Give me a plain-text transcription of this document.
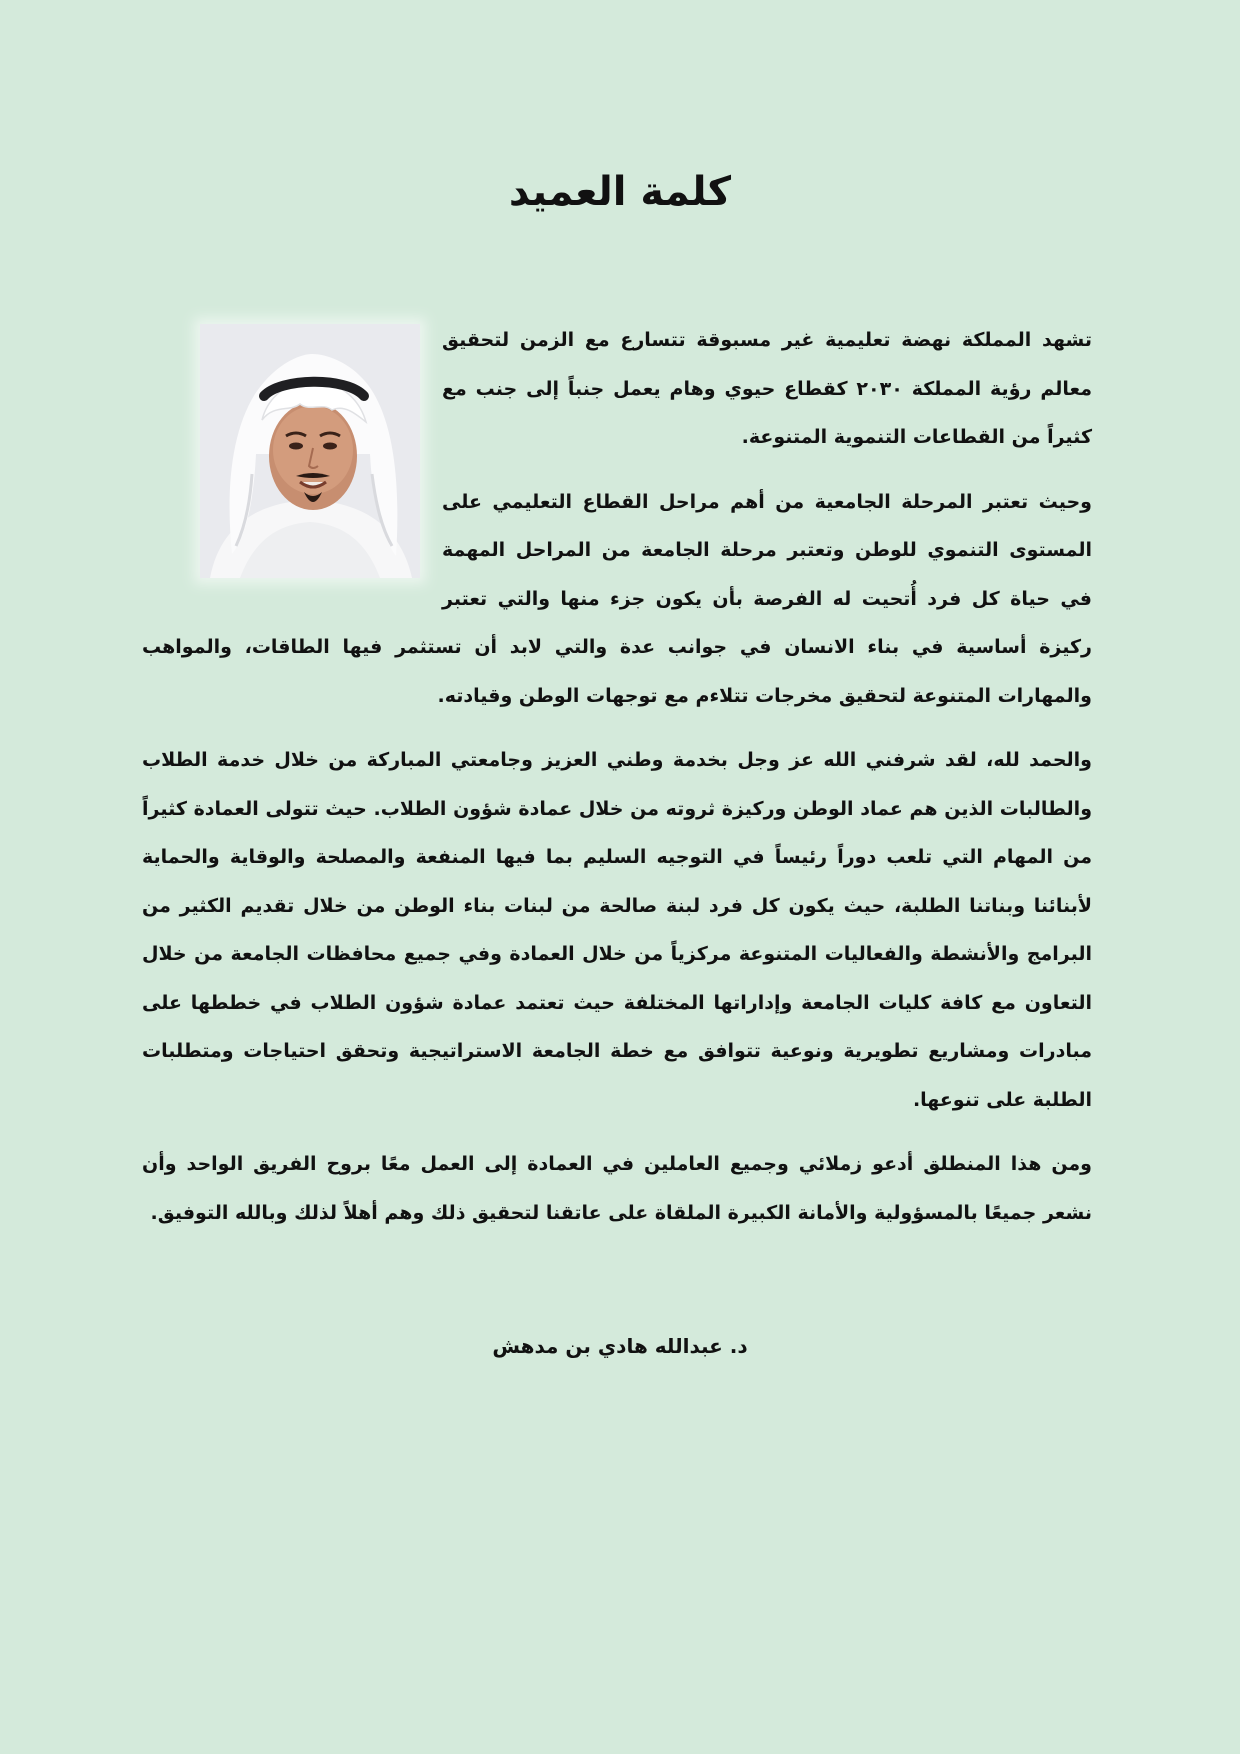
كلمة العميد

تشهد المملكة نهضة تعليمية غير مسبوقة تتسارع مع الزمن لتحقيق معالم رؤية المملكة ٢٠٣٠ كقطاع حيوي وهام يعمل جنباً إلى جنب مع كثيراً من القطاعات التنموية المتنوعة.

وحيث تعتبر المرحلة الجامعية من أهم مراحل القطاع التعليمي على المستوى التنموي للوطن وتعتبر مرحلة الجامعة من المراحل المهمة في حياة كل فرد أُتحيت له الفرصة بأن يكون جزء منها والتي تعتبر ركيزة أساسية في بناء الانسان في جوانب عدة والتي لابد أن تستثمر فيها الطاقات، والمواهب والمهارات المتنوعة لتحقيق مخرجات تتلاءم مع توجهات الوطن وقيادته.

والحمد لله، لقد شرفني الله عز وجل بخدمة وطني العزيز وجامعتي المباركة من خلال خدمة الطلاب والطالبات الذين هم عماد الوطن وركيزة ثروته من خلال عمادة شؤون الطلاب. حيث تتولى العمادة كثيراً من المهام التي تلعب دوراً رئيساً في التوجيه السليم بما فيها المنفعة والمصلحة والوقاية والحماية لأبنائنا وبناتنا الطلبة، حيث يكون كل فرد لبنة صالحة من لبنات بناء الوطن من خلال تقديم الكثير من البرامج والأنشطة والفعاليات المتنوعة مركزياً من خلال العمادة وفي جميع محافظات الجامعة من خلال التعاون مع كافة كليات الجامعة وإداراتها المختلفة حيث تعتمد عمادة شؤون الطلاب في خططها على مبادرات ومشاريع تطويرية ونوعية تتوافق مع خطة الجامعة الاستراتيجية وتحقق احتياجات ومتطلبات الطلبة على تنوعها.

ومن هذا المنطلق أدعو زملائي وجميع العاملين في العمادة إلى العمل معًا بروح الفريق الواحد وأن نشعر جميعًا بالمسؤولية والأمانة الكبيرة الملقاة على عاتقنا لتحقيق ذلك وهم أهلاً لذلك وبالله التوفيق.

د. عبدالله هادي بن مدهش
